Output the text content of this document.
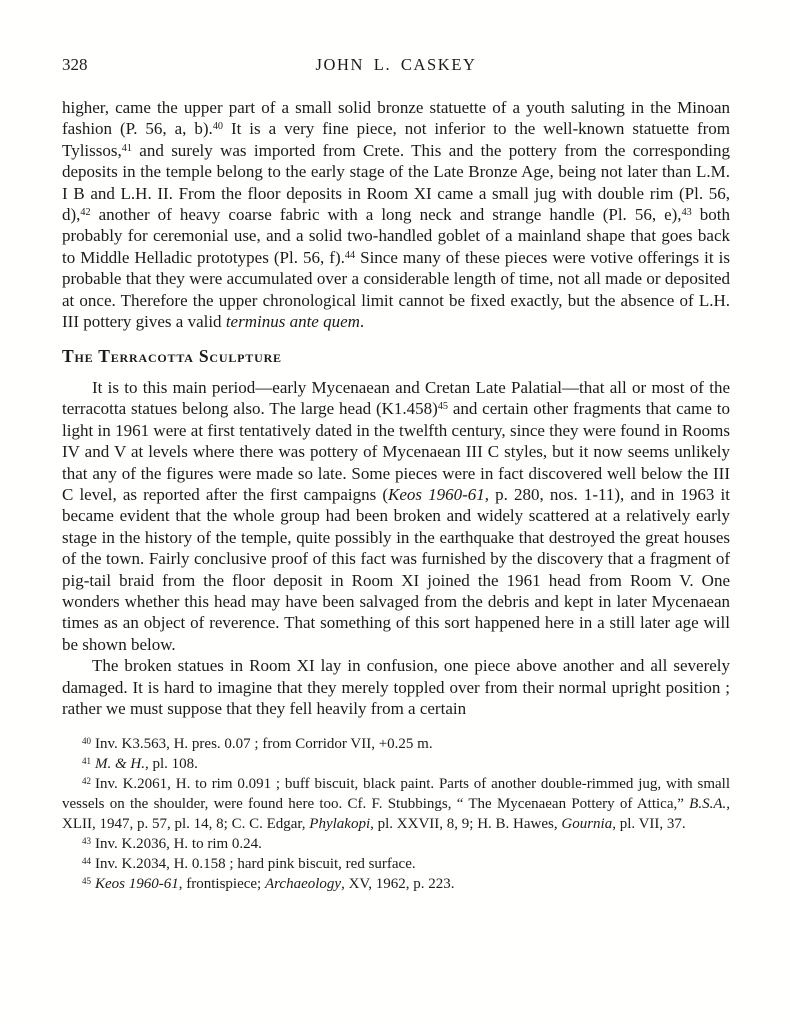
328	JOHN L. CASKEY

higher, came the upper part of a small solid bronze statuette of a youth saluting in the Minoan fashion (P. 56, a, b).$^{40}$ It is a very fine piece, not inferior to the well-known statuette from Tylissos,$^{41}$ and surely was imported from Crete. This and the pottery from the corresponding deposits in the temple belong to the early stage of the Late Bronze Age, being not later than L.M. I B and L.H. II. From the floor deposits in Room XI came a small jug with double rim (Pl. 56, d),$^{42}$ another of heavy coarse fabric with a long neck and strange handle (Pl. 56, e),$^{43}$ both probably for ceremonial use, and a solid two-handled goblet of a mainland shape that goes back to Middle Helladic prototypes (Pl. 56, f).$^{44}$ Since many of these pieces were votive offerings it is probable that they were accumulated over a considerable length of time, not all made or deposited at once. Therefore the upper chronological limit cannot be fixed exactly, but the absence of L.H. III pottery gives a valid terminus ante quem.

The Terracotta Sculpture

It is to this main period—early Mycenaean and Cretan Late Palatial—that all or most of the terracotta statues belong also. The large head $(K1.458)^{45}$ and certain other fragments that came to light in 1961 were at first tentatively dated in the twelfth century, since they were found in Rooms IV and V at levels where there was pottery of Mycenaean III C styles, but it now seems unlikely that any of the figures were made so late. Some pieces were in fact discovered well below the III C level, as reported after the first campaigns (Keos 1960-61, p. 280, nos. 1-11), and in 1963 it became evident that the whole group had been broken and widely scattered at a relatively early stage in the history of the temple, quite possibly in the earthquake that destroyed the great houses of the town. Fairly conclusive proof of this fact was furnished by the discovery that a fragment of pig-tail braid from the floor deposit in Room XI joined the 1961 head from Room V. One wonders whether this head may have been salvaged from the debris and kept in later Mycenaean times as an object of reverence. That something of this sort happened here in a still later age will be shown below.

The broken statues in Room XI lay in confusion, one piece above another and all severely damaged. It is hard to imagine that they merely toppled over from their normal upright position ; rather we must suppose that they fell heavily from a certain

$^{40}$ Inv. K3.563, H. pres. 0.07 ; from Corridor VII, +0.25 m.

$^{41}$ M. & H., pl. 108.

$^{42}$ Inv. K.2061, H. to rim 0.091 ; buff biscuit, black paint. Parts of another double-rimmed jug, with small vessels on the shoulder, were found here too. Cf. F. Stubbings, “ The Mycenaean Pottery of Attica,” B.S.A., XLII, 1947, p. 57, pl. 14, 8; C. C. Edgar, Phylakopi, pl. XXVII, 8, 9; H. B. Hawes, Gournia, pl. VII, 37.

$^{43}$ Inv. K.2036, H. to rim 0.24.

$^{44}$ Inv. K.2034, H. 0.158 ; hard pink biscuit, red surface.

$^{45}$ Keos 1960-61, frontispiece; Archaeology, XV, 1962, p. 223.
